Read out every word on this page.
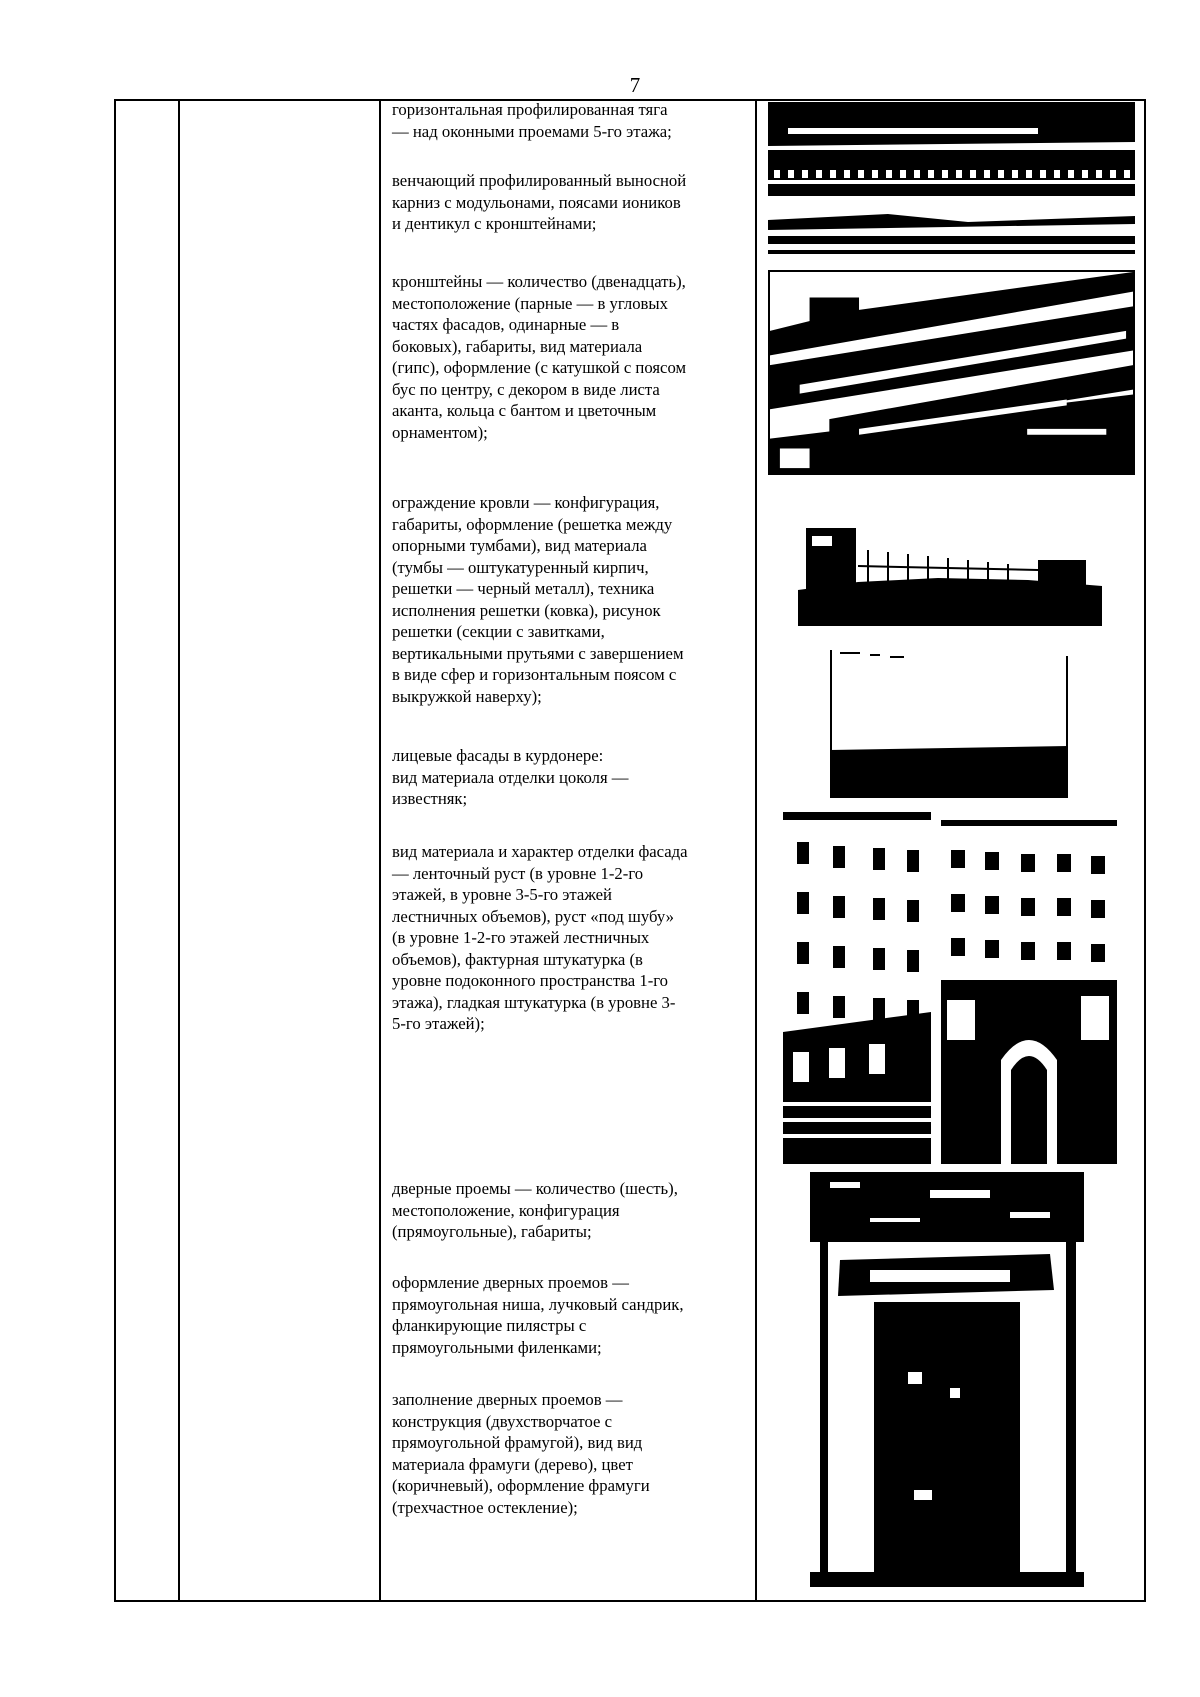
7

горизонтальная профилированная тяга
— над оконными проемами 5-го этажа;

венчающий профилированный выносной
карниз с модульонами, поясами иоников
и дентикул с кронштейнами;

кронштейны — количество (двенадцать),
местоположение (парные — в угловых
частях фасадов, одинарные — в
боковых), габариты, вид материала
(гипс), оформление (с катушкой с поясом
бус по центру, с декором в виде листа
аканта, кольца с бантом и цветочным
орнаментом);

ограждение кровли — конфигурация,
габариты, оформление (решетка между
опорными тумбами), вид материала
(тумбы — оштукатуренный кирпич,
решетки — черный металл), техника
исполнения решетки (ковка), рисунок
решетки (секции с завитками,
вертикальными прутьями с завершением
в виде сфер и горизонтальным поясом с
выкружкой наверху);

лицевые фасады в курдонере:
вид материала отделки цоколя —
известняк;

вид материала и характер отделки фасада
— ленточный руст (в уровне 1-2-го
этажей, в уровне 3-5-го этажей
лестничных объемов), руст «под шубу»
(в уровне 1-2-го этажей лестничных
объемов), фактурная штукатурка (в
уровне подоконного пространства 1-го
этажа), гладкая штукатурка (в уровне 3-
5-го этажей);

дверные проемы — количество (шесть),
местоположение, конфигурация
(прямоугольные), габариты;

оформление дверных проемов —
прямоугольная ниша, лучковый сандрик,
фланкирующие пилястры с
прямоугольными филенками;

заполнение дверных проемов —
конструкция (двухстворчатое с
прямоугольной фрамугой), вид вид
материала фрамуги (дерево), цвет
(коричневый), оформление фрамуги
(трехчастное остекление);
